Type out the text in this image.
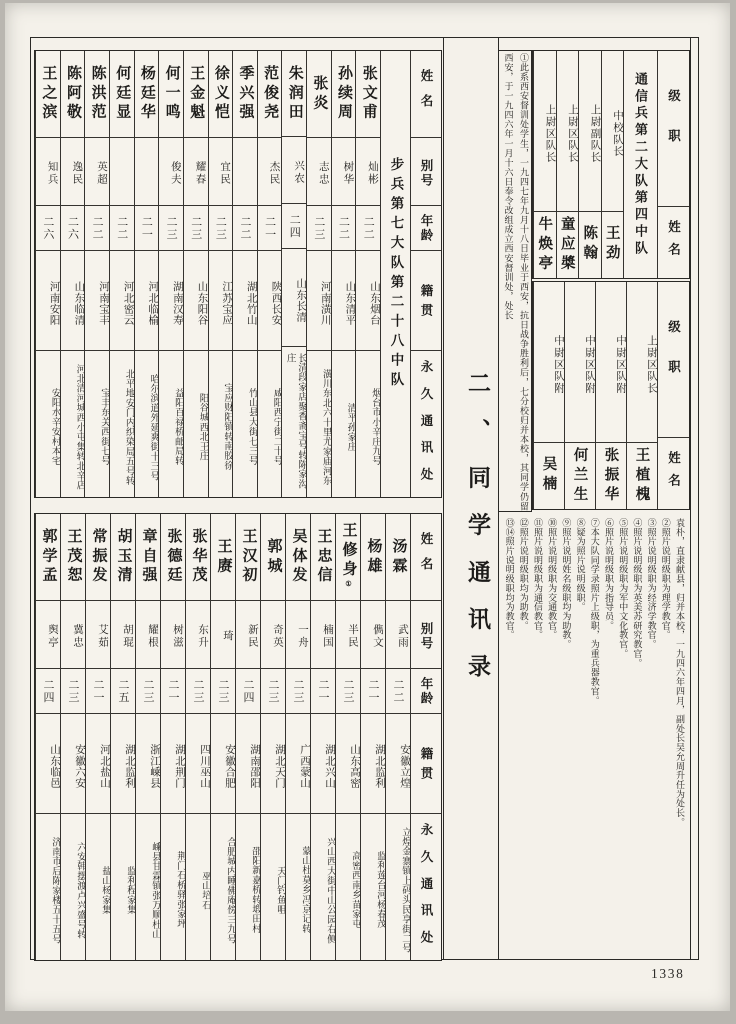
二、同学通讯录
姓名
别号
年龄
籍贯
永久通讯处
步兵第七大队第二十八中队
张文甫
灿彬
二二
山东烟台
烟台市小辛庄九号
孙续周
树华
二二
山东清平
清平孙家庄
张炎
志忠
二三
河南潢川
潢川东北六十里尤家庙河东
朱润田
兴农
二四
山东长清
长清段家店聚香斋宝号转陈家沟庄
范俊尧
杰民
二一
陕西长安
咸阳西宁街二十号
季兴强
二二
湖北竹山
竹山县大街七三号
徐义恺
宜民
二三
江苏宝应
宝应财阳镇转南胶徐
王金魁
耀春
二三
山东阳谷
阳谷城西北王庄
何一鸣
俊夫
二三
湖南汉寿
益阳百禄桥邮局转
杨廷华
二一
河北临榆
哈尔滨道外延爽街十三号
何廷显
二二
河北密云
北平地安门内织染局五号转
陈洪范
英超
二二
河南宝丰
宝丰东关西街七号
陈阿敬
逸民
二六
山东临清
河北清河城西小屯集转北辛店
王之滨
知兵
二六
河南安阳
安阳水辛安村本宅
姓名
别号
年龄
籍贯
永久通讯处
汤霖
武雨
二二
安徽立煌
立煌金寨镇上码头民享街二号
杨雄
儁文
二一
湖北监利
监利莲台河杨春茂
王修身
①
半民
二三
山东高密
高密西南乡苗家屯
王忠信
楠国
二一
湖北兴山
兴山西大街中山公园右侧
吴体发
一舟
二三
广西蒙山
蒙山杜莫乡冯京记转
郭城
奇英
二三
湖北天门
天门钓鱼咀
王汉初
新民
二四
湖南邵阳
邵阳新嘉桥转塅田村
王赓
琦
二三
安徽合肥
合肥城内睡佛庵傍三九号
张华茂
东升
二三
四川巫山
巫山培石
张德廷
树滋
二一
湖北荆门
荆门石桥驿张家坪
章自强
耀根
二三
浙江嵊县
嵊县甘霖镇张万顺杜山
胡玉清
胡琨
二五
湖北监利
监利程家集
常振发
艾茹
二一
河北盐山
盐山杨家集
王茂恕
冀忠
二三
安徽六安
六安韩摆渡卢兴盛号转
郭学孟
舆亭
二四
山东临邑
济南市后陈家楼五十五号
①此系西安督训处学生，一九四七年九月十八日毕业于西安，抗日战争胜利后，七分校归并本校，其同学仍留西安，于一九四六年一月十六日奉令改组成立西安督训处，处长	级职
姓名
通信兵第二大队第四中队
中校队长
王劲
上尉副队长
陈翰
上尉区队长
童应槳
上尉区队长
牛焕亭
级职
姓名
上尉区队长
王植槐
中尉区队附
张振华
中尉区队附
何兰生
中尉区队附
吴楠
袁朴，直隶献县，归并本校，一九四六年四月，副处长吴允周升任为处长。
②照片说明级职为理学教官。
③照片说明级职为经济学教官。
④照片说明级职为英美苏研究教官。
⑤照片说明级职为军中文化教官。
⑥照片说明级职为指导员。
⑦本大队同学录照片上级职，为重兵器教官。
⑧疑为照片说明级职。
⑨照片说明姓名级职均为助教。
⑩照片说明级职为交通教官。
⑪照片说明级职为通信教官。
⑫照片说明级职均为助教。
⑬⑭照片说明级职均为教官。
1338
